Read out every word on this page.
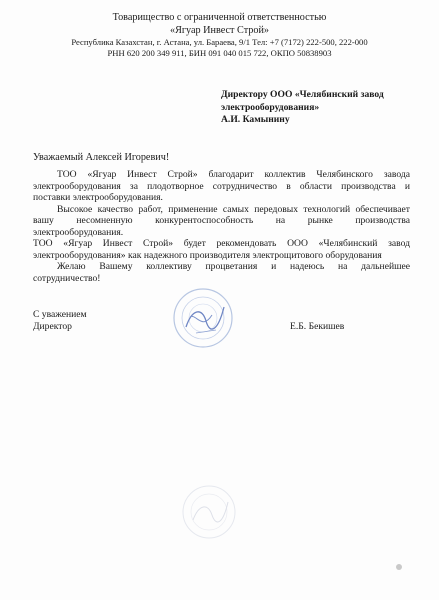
Товарищество с ограниченной ответственностью
«Ягуар Инвест Строй»
Республика Казахстан, г. Астана, ул. Барaева, 9/1 Тел: +7 (7172) 222-500, 222-000
РНН 620 200 349 911, БИН 091 040 015 722, ОКПО 50838903
Директору ООО «Челябинский завод
электрооборудования»
А.И. Камынину
Уважаемый Алексей Игоревич!
ТОО «Ягуар Инвест Строй» благодарит коллектив Челябинского завода
электрооборудования за плодотворное сотрудничество в области производства и
поставки электрооборудования.
Высокое качество работ, применение самых передовых технологий обеспечивает
вашу несомненную конкурентоспособность на рынке производства
электрооборудования.
ТОО «Ягуар Инвест Строй» будет рекомендовать ООО «Челябинский завод
электрооборудования» как надежного производителя электрощитового оборудования
Желаю Вашему коллективу процветания и надеюсь на дальнейшее
сотрудничество!
С уважением
Директор	Е.Б. Бекишев
